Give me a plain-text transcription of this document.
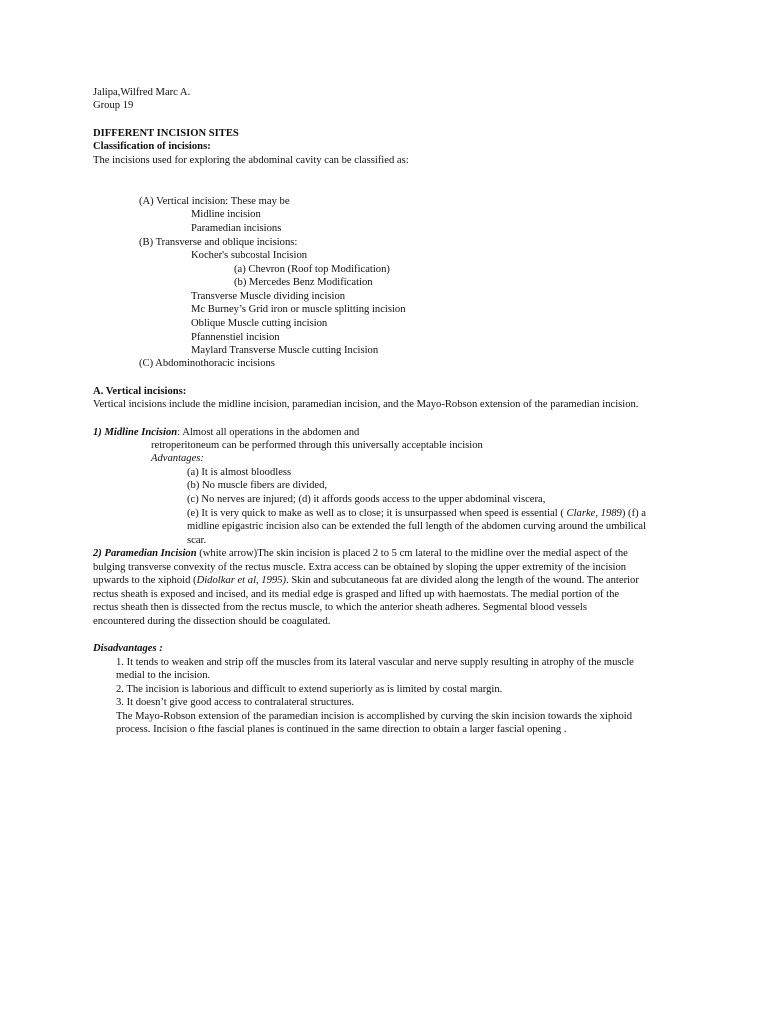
Jalipa,Wilfred Marc A.
Group 19
DIFFERENT INCISION SITES
Classification of incisions:
The incisions used for exploring the abdominal cavity can be classified as:
(A) Vertical incision: These may be
Midline incision
Paramedian incisions
(B) Transverse and oblique incisions:
Kocher's subcostal Incision
(a) Chevron (Roof top Modification)
(b) Mercedes Benz Modification
Transverse Muscle dividing incision
Mc Burney’s Grid iron or muscle splitting incision
Oblique Muscle cutting incision
Pfannenstiel incision
Maylard Transverse Muscle cutting Incision
(C) Abdominothoracic incisions
A. Vertical incisions:
Vertical incisions include the midline incision, paramedian incision, and the Mayo-Robson extension of the paramedian incision.
1) Midline Incision: Almost all operations in the abdomen and
retroperitoneum can be performed through this universally acceptable incision
Advantages:
(a) It is almost bloodless
(b) No muscle fibers are divided,
(c) No nerves are injured; (d) it affords goods access to the upper abdominal viscera,
(e) It is very quick to make as well as to close; it is unsurpassed when speed is essential ( Clarke, 1989) (f) a
midline epigastric incision also can be extended the full length of the abdomen curving around the umbilical
scar.
2) Paramedian Incision (white arrow)The skin incision is placed 2 to 5 cm lateral to the midline over the medial aspect of the
bulging transverse convexity of the rectus muscle. Extra access can be obtained by sloping the upper extremity of the incision
upwards to the xiphoid (Didolkar et al, 1995). Skin and subcutaneous fat are divided along the length of the wound. The anterior
rectus sheath is exposed and incised, and its medial edge is grasped and lifted up with haemostats. The medial portion of the
rectus sheath then is dissected from the rectus muscle, to which the anterior sheath adheres. Segmental blood vessels
encountered during the dissection should be coagulated.
Disadvantages :
1. It tends to weaken and strip off the muscles from its lateral vascular and nerve supply resulting in atrophy of the muscle
medial to the incision.
2. The incision is laborious and difficult to extend superiorly as is limited by costal margin.
3. It doesn’t give good access to contralateral structures.
The Mayo-Robson extension of the paramedian incision is accomplished by curving the skin incision towards the xiphoid
process. Incision o fthe fascial planes is continued in the same direction to obtain a larger fascial opening .
